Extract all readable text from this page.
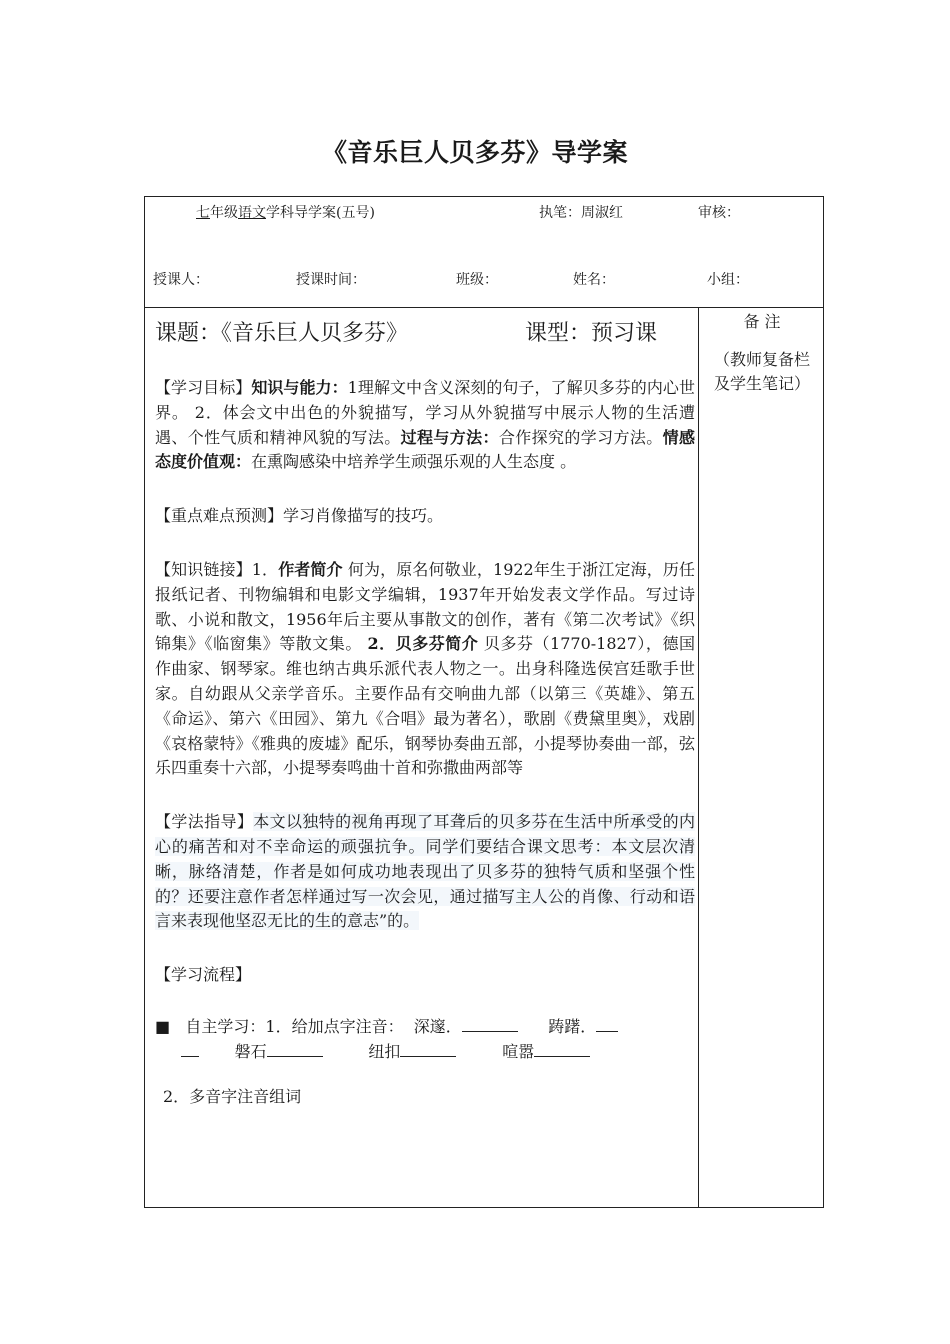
《音乐巨人贝多芬》导学案
七年级语文学科导学案(五号)	执笔：周淑红	审核：
授课人：	授课时间：	班级：	姓名：	小组：
课题：《音乐巨人贝多芬》	课型：预习课
【学习目标】知识与能力：1理解文中含义深刻的句子，了解贝多芬的内心世界。 2．体会文中出色的外貌描写，学习从外貌描写中展示人物的生活遭遇、个性气质和精神风貌的写法。过程与方法：合作探究的学习方法。情感态度价值观：在熏陶感染中培养学生顽强乐观的人生态度 。
【重点难点预测】学习肖像描写的技巧。
【知识链接】1．作者简介 何为，原名何敬业，1922年生于浙江定海，历任报纸记者、刊物编辑和电影文学编辑，1937年开始发表文学作品。写过诗歌、小说和散文，1956年后主要从事散文的创作，著有《第二次考试》《织锦集》《临窗集》等散文集。 2．贝多芬简介 贝多芬（1770-1827），德国作曲家、钢琴家。维也纳古典乐派代表人物之一。出身科隆选侯宫廷歌手世家。自幼跟从父亲学音乐。主要作品有交响曲九部（以第三《英雄》、第五《命运》、第六《田园》、第九《合唱》最为著名），歌剧《费黛里奥》，戏剧《哀格蒙特》《雅典的废墟》配乐，钢琴协奏曲五部，小提琴协奏曲一部，弦乐四重奏十六部，小提琴奏鸣曲十首和弥撒曲两部等
【学法指导】本文以独特的视角再现了耳聋后的贝多芬在生活中所承受的内心的痛苦和对不幸命运的顽强抗争。同学们要结合课文思考：本文层次清晰，脉络清楚，作者是如何成功地表现出了贝多芬的独特气质和坚强个性的？还要注意作者怎样通过写一次会见，通过描写主人公的肖像、行动和语言来表现他坚忍无比的生的意志”的。
【学习流程】
■ 自主学习：1．给加点字注音： 深邃．	踌躇．
磐石	纽扣	喧嚣
2．多音字注音组词
备 注
（教师复备栏及学生笔记）
